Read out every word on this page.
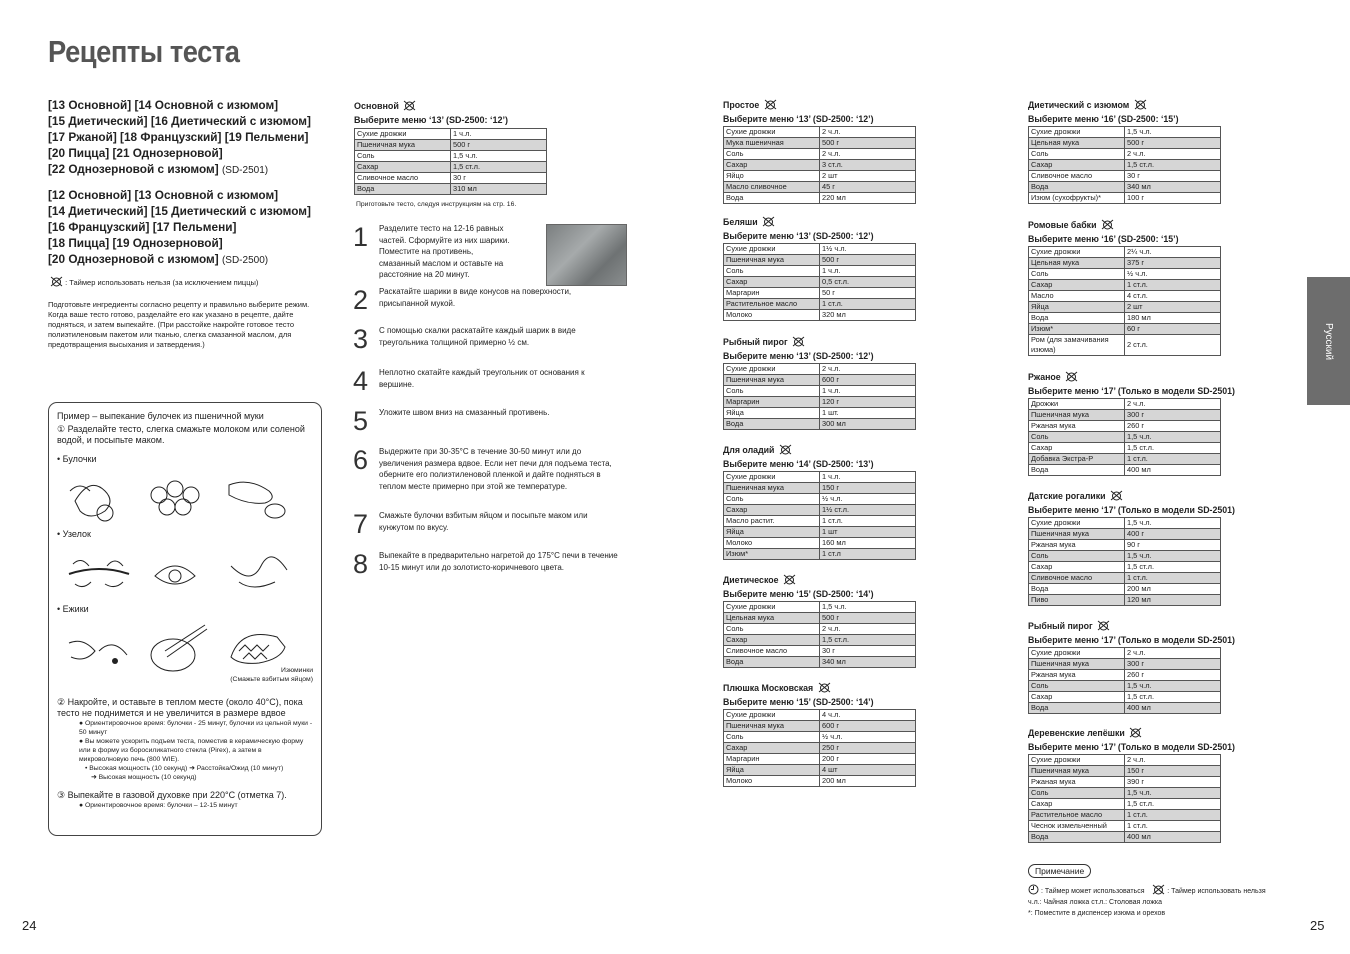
Рецепты теста
[13 Основной] [14 Основной с изюмом]
[15 Диетический] [16 Диетический с изюмом]
[17 Ржаной] [18 Французский] [19 Пельмени]
[20 Пицца] [21 Однозерновой]
[22 Однозерновой с изюмом] (SD-2501)
[12 Основной] [13 Основной с изюмом]
[14 Диетический] [15 Диетический с изюмом]
[16 Французский] [17 Пельмени]
[18 Пицца] [19 Однозерновой]
[20 Однозерновой с изюмом] (SD-2500)
: Таймер использовать нельзя (за исключением пиццы)
Подготовьте ингредиенты согласно рецепту и правильно выберите режим. Когда ваше тесто готово, разделайте его как указано в рецепте, дайте подняться, и затем выпекайте. (При расстойке накройте готовое тесто полиэтиленовым пакетом или тканью, слегка смазанной маслом, для предотвращения высыхания и затвердения.)
Пример – выпекание булочек из пшеничной муки
① Разделайте тесто, слегка смажьте молоком или соленой водой, и посыпьте маком.
• Булочки
• Узелок
• Ежики
Изюминки
(Смажьте взбитым яйцом)
② Накройте, и оставьте в теплом месте (около 40°C), пока тесто не поднимется и не увеличится в размере вдвое
● Ориентировочное время: булочки - 25 минут, булочки из цельной муки - 50 минут
● Вы можете ускорить подъем теста, поместив в керамическую форму или в форму из боросиликатного стекла (Pirex), а затем в микроволновую печь (800 WIE).
• Высокая мощность (10 секунд) ➜ Расстойка/Ожид (10 минут)
➜ Высокая мощность (10 секунд)
③ Выпекайте в газовой духовке при 220°C (отметка 7).
● Ориентировочное время: булочки – 12-15 минут
Основной
Выберите меню ‘13’ (SD-2500: ‘12’)
Сухие дрожжи	1 ч.л.
Пшеничная мука	500 г
Соль	1,5 ч.л.
Сахар	1,5 ст.л.
Сливочное масло	30 г
Вода	310 мл
Приготовьте тесто, следуя инструкциям на стр. 16.
1	Разделите тесто на 12-16 равных частей. Сформуйте из них шарики. Поместите на противень, смазанный маслом и оставьте на расстояние на 20 минут.
2	Раскатайте шарики в виде конусов на поверхности, присыпанной мукой.
3	С помощью скалки раскатайте каждый шарик в виде треугольника толщиной примерно ½ см.
4	Неплотно скатайте каждый треугольник от основания к вершине.
5	Уложите швом вниз на смазанный противень.
6	Выдержите при 30-35°C в течение 30-50 минут или до увеличения размера вдвое. Если нет печи для подъема теста, оберните его полиэтиленовой пленкой и дайте подняться в теплом месте примерно при этой же температуре.
7	Смажьте булочки взбитым яйцом и посыпьте маком или кунжутом по вкусу.
8	Выпекайте в предварительно нагретой до 175°C печи в течение 10-15 минут или до золотисто-коричневого цвета.
Простое
Выберите меню ‘13’ (SD-2500: ‘12’)
Сухие дрожжи	2 ч.л.
Мука пшеничная	500 г
Соль	2 ч.л.
Сахар	3 ст.л.
Яйцо	2 шт
Масло сливочное	45 г
Вода	220 мл
Беляши
Выберите меню ‘13’ (SD-2500: ‘12’)
Сухие дрожжи	1½ ч.л.
Пшеничная мука	500 г
Соль	1 ч.л.
Сахар	0,5 ст.л.
Маргарин	50 г
Растительное масло	1 ст.л.
Молоко	320 мл
Рыбный пирог
Выберите меню ‘13’ (SD-2500: ‘12’)
Сухие дрожжи	2 ч.л.
Пшеничная мука	600 г
Соль	1 ч.л.
Маргарин	120 г
Яйца	1 шт.
Вода	300 мл
Для оладий
Выберите меню ‘14’ (SD-2500: ‘13’)
Сухие дрожжи	1 ч.л.
Пшеничная мука	150 г
Соль	½ ч.л.
Сахар	1½ ст.л.
Масло растит.	1 ст.л.
Яйца	1 шт
Молоко	160 мл
Изюм*	1 ст.л
Диетическое
Выберите меню ‘15’ (SD-2500: ‘14’)
Сухие дрожжи	1,5 ч.л.
Цельная мука	500 г
Соль	2 ч.л.
Сахар	1,5 ст.л.
Сливочное масло	30 г
Вода	340 мл
Плюшка Московская
Выберите меню ‘15’ (SD-2500: ‘14’)
Сухие дрожжи	4 ч.л.
Пшеничная мука	600 г
Соль	½ ч.л.
Сахар	250 г
Маргарин	200 г
Яйца	4 шт
Молоко	200 мл
Диетический с изюмом
Выберите меню ‘16’ (SD-2500: ‘15’)
Сухие дрожжи	1,5 ч.л.
Цельная мука	500 г
Соль	2 ч.л.
Сахар	1,5 ст.л.
Сливочное масло	30 г
Вода	340 мл
Изюм (сухофрукты)*	100 г
Ромовые бабки
Выберите меню ‘16’ (SD-2500: ‘15’)
Сухие дрожжи	2¼ ч.л.
Цельная мука	375 г
Соль	½ ч.л.
Сахар	1 ст.л.
Масло	4 ст.л.
Яйца	2 шт
Вода	180 мл
Изюм*	60 г
Ром (для замачивания изюма)	2 ст.л.
Ржаное
Выберите меню ‘17’ (Только в модели SD-2501)
Дрожжи	2 ч.л.
Пшеничная мука	300 г
Ржаная мука	260 г
Соль	1,5 ч.л.
Сахар	1,5 ст.л.
Добавка Экстра-Р	1 ст.л.
Вода	400 мл
Датские рогалики
Выберите меню ‘17’ (Только в модели SD-2501)
Сухие дрожжи	1,5 ч.л.
Пшеничная мука	400 г
Ржаная мука	90 г
Соль	1,5 ч.л.
Сахар	1,5 ст.л.
Сливочное масло	1 ст.л.
Вода	200 мл
Пиво	120 мл
Рыбный пирог
Выберите меню ‘17’ (Только в модели SD-2501)
Сухие дрожжи	2 ч.л.
Пшеничная мука	300 г
Ржаная мука	260 г
Соль	1,5 ч.л.
Сахар	1,5 ст.л.
Вода	400 мл
Деревенские лепёшки
Выберите меню ‘17’ (Только в модели SD-2501)
Сухие дрожжи	2 ч.л.
Пшеничная мука	150 г
Ржаная мука	390 г
Соль	1,5 ч.л.
Сахар	1,5 ст.л.
Растительное масло	1 ст.л.
Чеснок измельченный	1 ст.л.
Вода	400 мл
Русский
24	25
Примечание
: Таймер может использоваться	: Таймер использовать нельзя
ч.л.: Чайная ложка ст.л.: Столовая ложка
*: Поместите в диспенсер изюма и орехов
